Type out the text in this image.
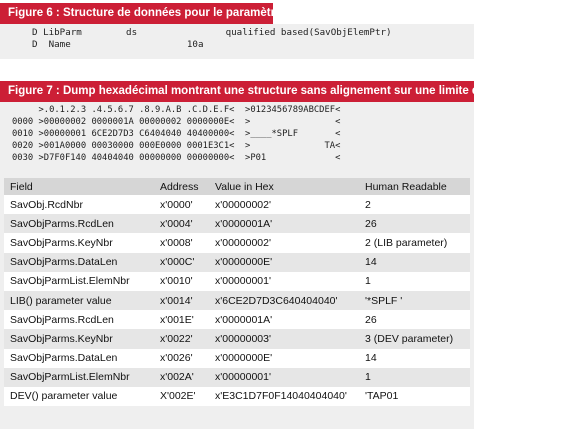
Figure 6 : Structure de données pour le paramètre LIB
D LibParm        ds                qualified based(SavObjElemPtr)
D  Name                     10a
Figure 7 : Dump hexadécimal montrant une structure sans alignement sur une limite de quatre octets
>.0.1.2.3 .4.5.6.7 .8.9.A.B .C.D.E.F<  >0123456789ABCDEF<
0000 >00000002 0000001A 00000002 0000000E<  >                <
0010 >00000001 6CE2D7D3 C6404040 40400000<  >____*SPLF       <
0020 >001A0000 00030000 000E0000 0001E3C1<  >              TA<
0030 >D7F0F140 40404040 00000000 00000000<  >P01             <
Field	Address	Value in Hex	Human Readable
SavObj.RcdNbr	x'0000'	x'00000002'	2
SavObjParms.RcdLen	x'0004'	x'0000001A'	26
SavObjParms.KeyNbr	x'0008'	x'00000002'	2 (LIB parameter)
SavObjParms.DataLen	x'000C'	x'0000000E'	14
SavObjParmList.ElemNbr	x'0010'	x'00000001'	1
LIB() parameter value	x'0014'	x'6CE2D7D3C640404040'	'*SPLF '
SavObjParms.RcdLen	x'001E'	x'0000001A'	26
SavObjParms.KeyNbr	x'0022'	x'00000003'	3 (DEV parameter)
SavObjParms.DataLen	x'0026'	x'0000000E'	14
SavObjParmList.ElemNbr	x'002A'	x'00000001'	1
DEV() parameter value	X'002E'	x'E3C1D7F0F14040404040'	'TAP01
